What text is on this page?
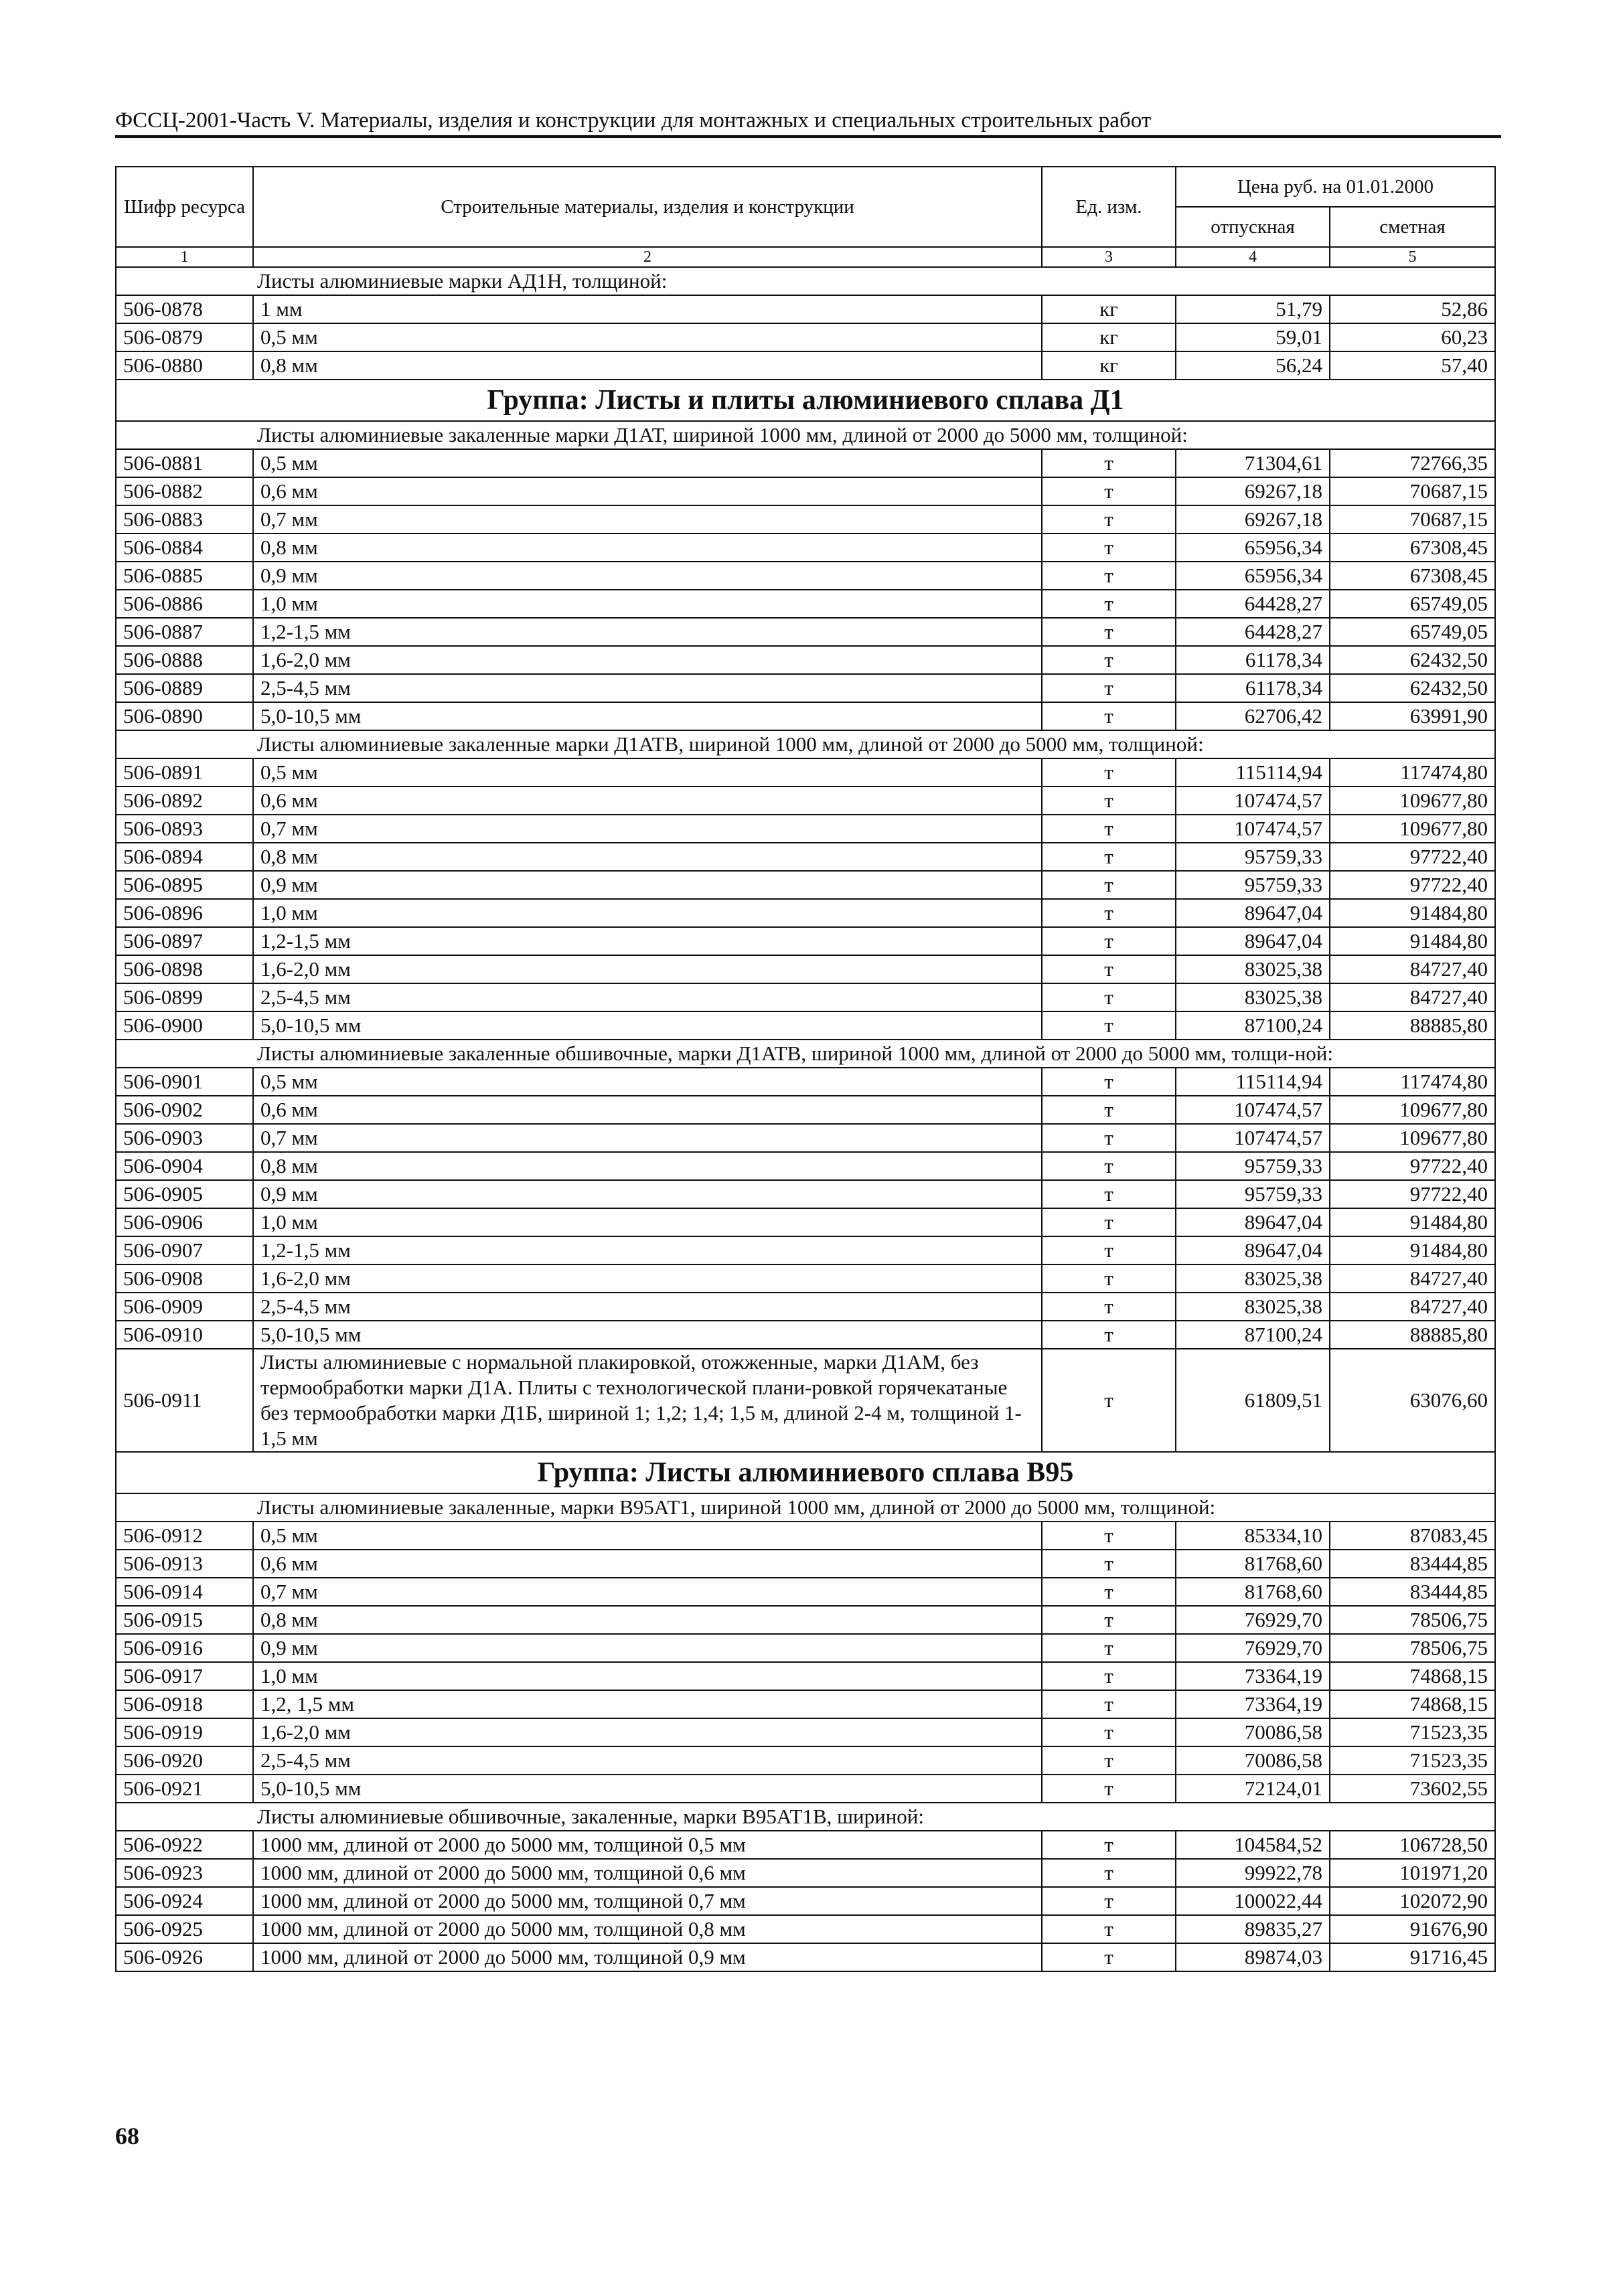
ФССЦ-2001-Часть V. Материалы, изделия и конструкции для монтажных и специальных строительных работ
Шифр ресурса	Строительные материалы, изделия и конструкции	Ед. изм.	Цена руб. на 01.01.2000	
			отпускная	сметная
1	2	3	4	5
Листы алюминиевые марки АД1Н, толщиной:				
506-0878	1 мм	кг	51,79	52,86
506-0879	0,5 мм	кг	59,01	60,23
506-0880	0,8 мм	кг	56,24	57,40
Группа: Листы и плиты алюминиевого сплава Д1				
Листы алюминиевые закаленные марки Д1АТ, шириной 1000 мм, длиной от 2000 до 5000 мм, толщиной:				
506-0881	0,5 мм	т	71304,61	72766,35
506-0882	0,6 мм	т	69267,18	70687,15
506-0883	0,7 мм	т	69267,18	70687,15
506-0884	0,8 мм	т	65956,34	67308,45
506-0885	0,9 мм	т	65956,34	67308,45
506-0886	1,0 мм	т	64428,27	65749,05
506-0887	1,2-1,5 мм	т	64428,27	65749,05
506-0888	1,6-2,0 мм	т	61178,34	62432,50
506-0889	2,5-4,5 мм	т	61178,34	62432,50
506-0890	5,0-10,5 мм	т	62706,42	63991,90
Листы алюминиевые закаленные марки Д1АТВ, шириной 1000 мм, длиной от 2000 до 5000 мм, толщиной:				
506-0891	0,5 мм	т	115114,94	117474,80
506-0892	0,6 мм	т	107474,57	109677,80
506-0893	0,7 мм	т	107474,57	109677,80
506-0894	0,8 мм	т	95759,33	97722,40
506-0895	0,9 мм	т	95759,33	97722,40
506-0896	1,0 мм	т	89647,04	91484,80
506-0897	1,2-1,5 мм	т	89647,04	91484,80
506-0898	1,6-2,0 мм	т	83025,38	84727,40
506-0899	2,5-4,5 мм	т	83025,38	84727,40
506-0900	5,0-10,5 мм	т	87100,24	88885,80
Листы алюминиевые закаленные обшивочные, марки Д1АТВ, шириной 1000 мм, длиной от 2000 до 5000 мм, толщи-ной:				
506-0901	0,5 мм	т	115114,94	117474,80
506-0902	0,6 мм	т	107474,57	109677,80
506-0903	0,7 мм	т	107474,57	109677,80
506-0904	0,8 мм	т	95759,33	97722,40
506-0905	0,9 мм	т	95759,33	97722,40
506-0906	1,0 мм	т	89647,04	91484,80
506-0907	1,2-1,5 мм	т	89647,04	91484,80
506-0908	1,6-2,0 мм	т	83025,38	84727,40
506-0909	2,5-4,5 мм	т	83025,38	84727,40
506-0910	5,0-10,5 мм	т	87100,24	88885,80
506-0911	Листы алюминиевые с нормальной плакировкой, отожженные, марки Д1АМ, без термообработки марки Д1А. Плиты с технологической плани-ровкой горячекатаные без термообработки марки Д1Б, шириной 1; 1,2; 1,4; 1,5 м, длиной 2-4 м, толщиной 1-1,5 мм	т	61809,51	63076,60
Группа: Листы алюминиевого сплава В95				
Листы алюминиевые закаленные, марки В95АТ1, шириной 1000 мм, длиной от 2000 до 5000 мм, толщиной:				
506-0912	0,5 мм	т	85334,10	87083,45
506-0913	0,6 мм	т	81768,60	83444,85
506-0914	0,7 мм	т	81768,60	83444,85
506-0915	0,8 мм	т	76929,70	78506,75
506-0916	0,9 мм	т	76929,70	78506,75
506-0917	1,0 мм	т	73364,19	74868,15
506-0918	1,2, 1,5 мм	т	73364,19	74868,15
506-0919	1,6-2,0 мм	т	70086,58	71523,35
506-0920	2,5-4,5 мм	т	70086,58	71523,35
506-0921	5,0-10,5 мм	т	72124,01	73602,55
Листы алюминиевые обшивочные, закаленные, марки В95АТ1В, шириной:				
506-0922	1000 мм, длиной от 2000 до 5000 мм, толщиной 0,5 мм	т	104584,52	106728,50
506-0923	1000 мм, длиной от 2000 до 5000 мм, толщиной 0,6 мм	т	99922,78	101971,20
506-0924	1000 мм, длиной от 2000 до 5000 мм, толщиной 0,7 мм	т	100022,44	102072,90
506-0925	1000 мм, длиной от 2000 до 5000 мм, толщиной 0,8 мм	т	89835,27	91676,90
506-0926	1000 мм, длиной от 2000 до 5000 мм, толщиной 0,9 мм	т	89874,03	91716,45
68
